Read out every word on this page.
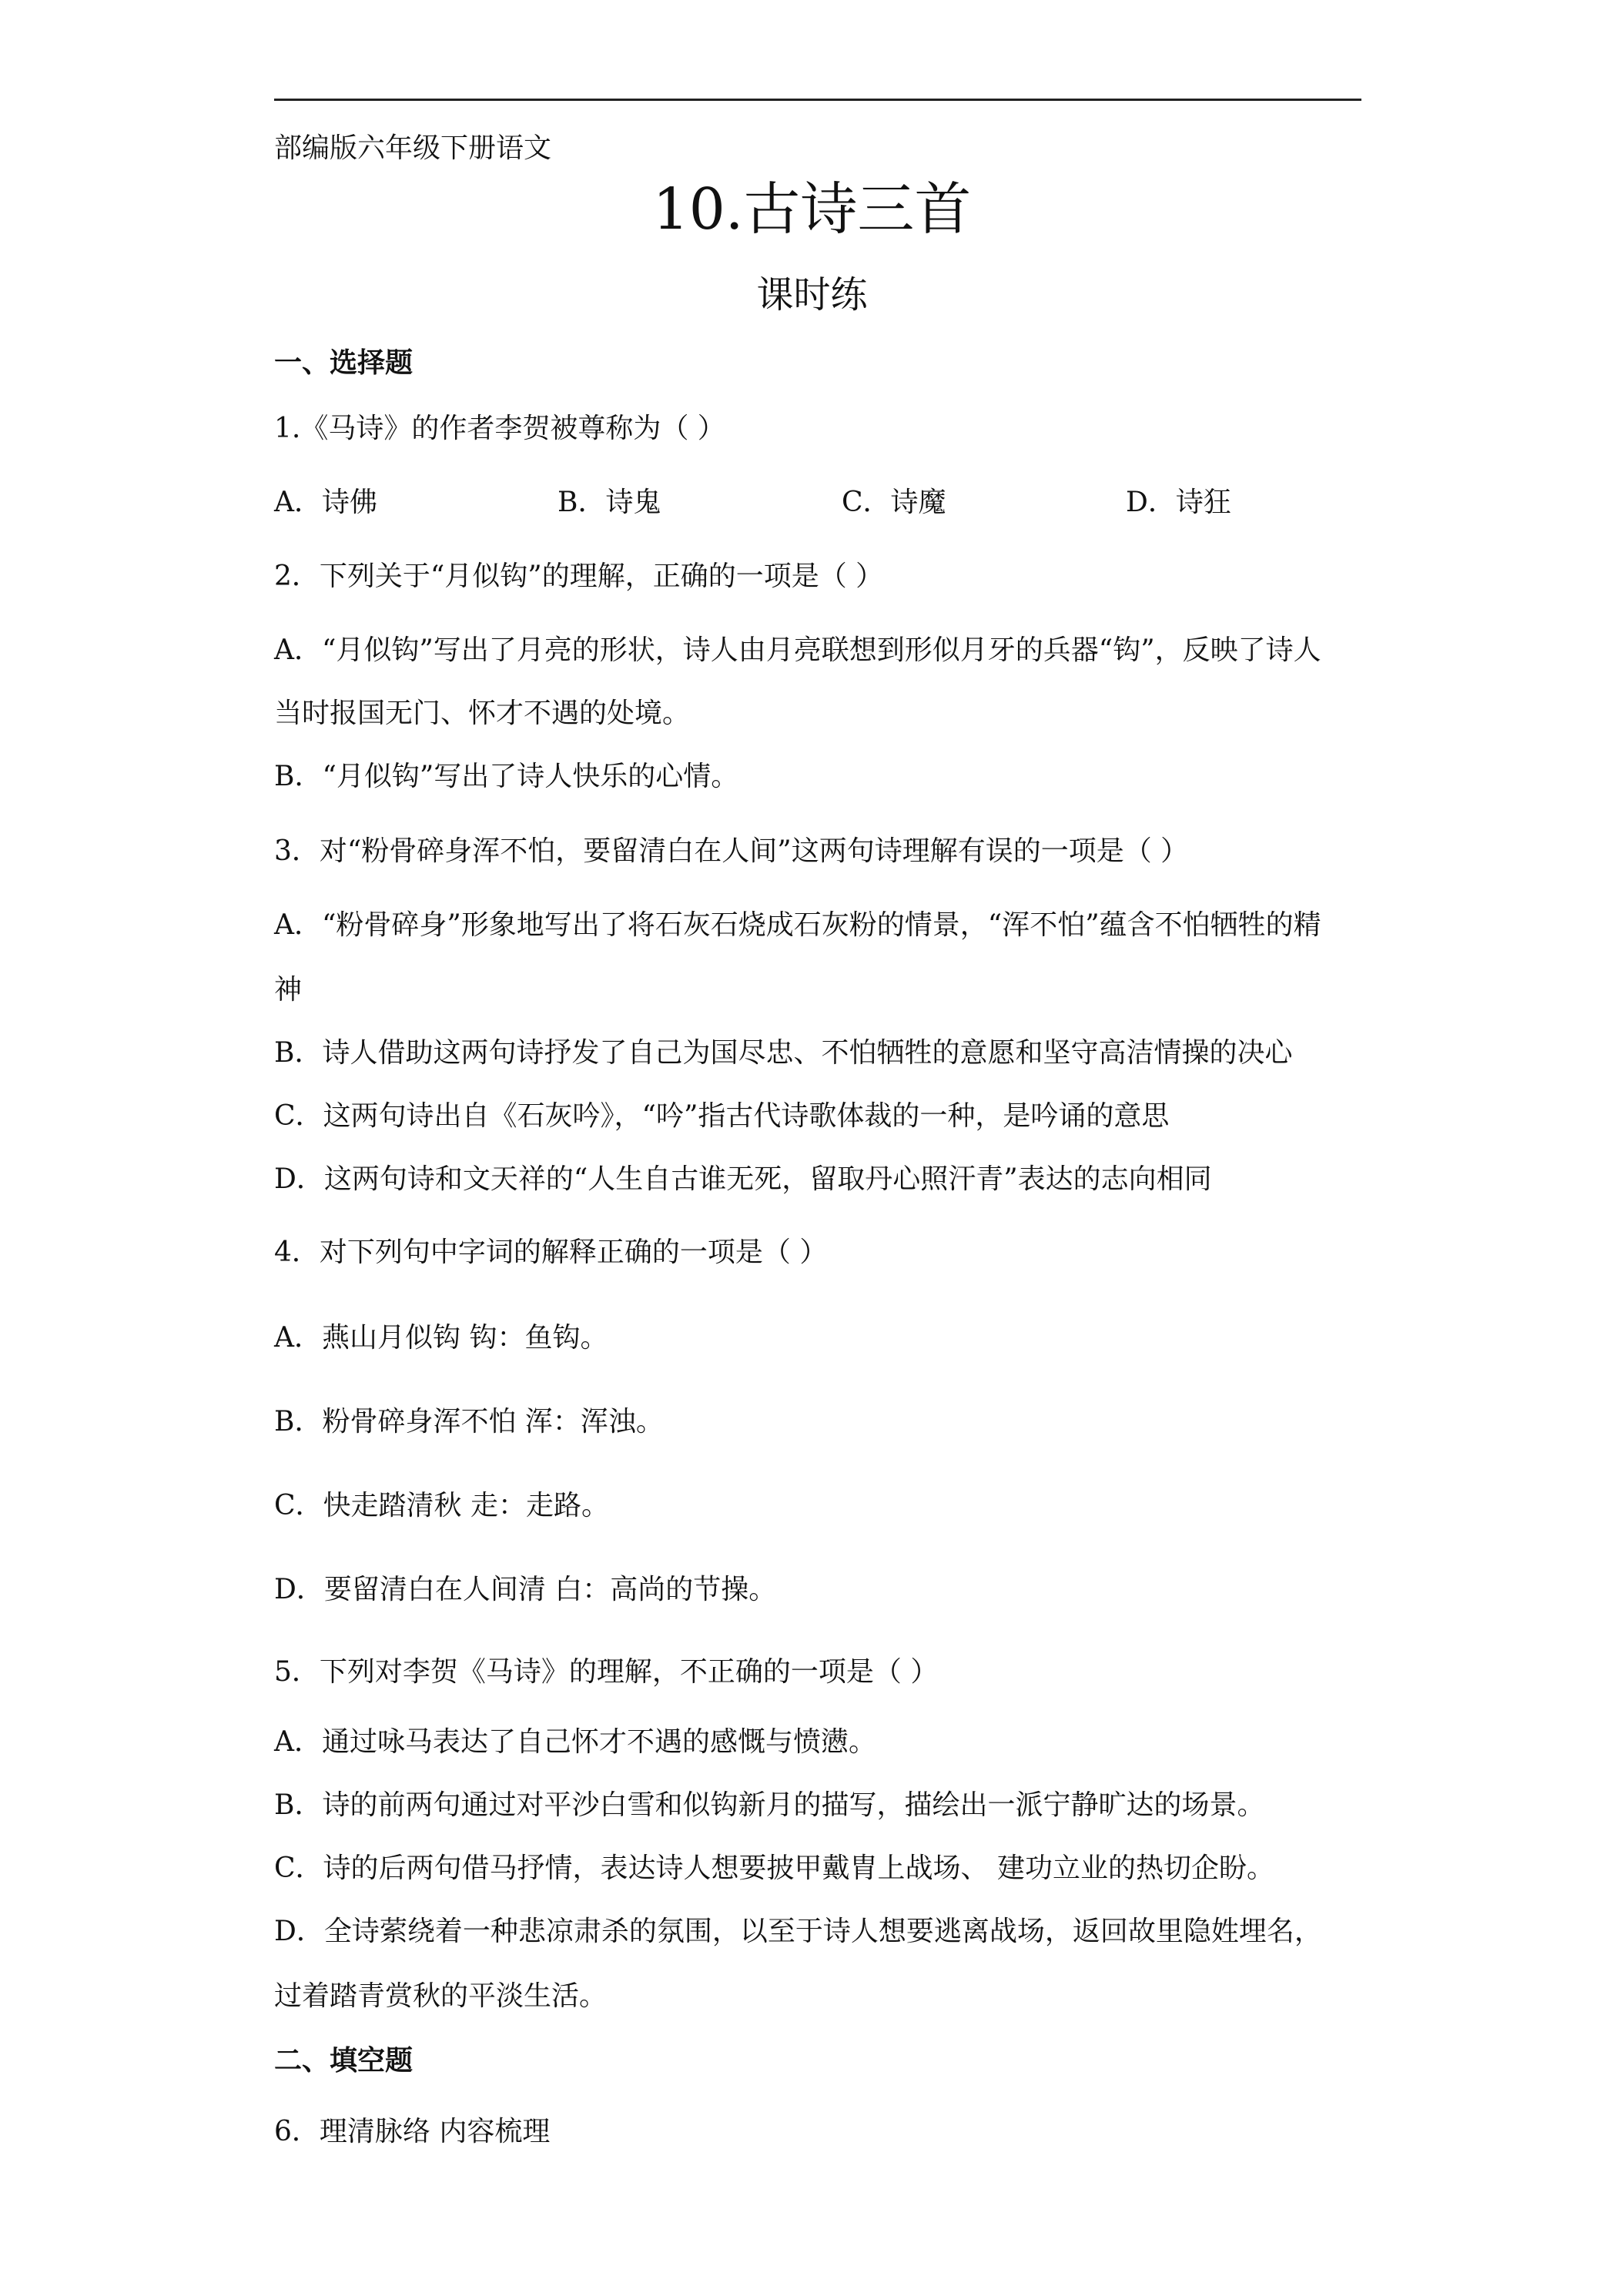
部编版六年级下册语文
10.古诗三首
课时练
一、选择题
1.《马诗》的作者李贺被尊称为（ ）
A．诗佛	B．诗鬼	C．诗魔	D．诗狂
2．下列关于“月似钩”的理解，正确的一项是（ ）
A．“月似钩”写出了月亮的形状，诗人由月亮联想到形似月牙的兵器“钩”，反映了诗人
当时报国无门、怀才不遇的处境。
B．“月似钩”写出了诗人快乐的心情。
3．对“粉骨碎身浑不怕，要留清白在人间”这两句诗理解有误的一项是（ ）
A．“粉骨碎身”形象地写出了将石灰石烧成石灰粉的情景，“浑不怕”蕴含不怕牺牲的精
神
B．诗人借助这两句诗抒发了自己为国尽忠、不怕牺牲的意愿和坚守高洁情操的决心
C．这两句诗出自《石灰吟》，“吟”指古代诗歌体裁的一种，是吟诵的意思
D．这两句诗和文天祥的“人生自古谁无死，留取丹心照汗青”表达的志向相同
4．对下列句中字词的解释正确的一项是（ ）
A．燕山月似钩 钩：鱼钩。
B．粉骨碎身浑不怕 浑：浑浊。
C．快走踏清秋 走：走路。
D．要留清白在人间清 白：高尚的节操。
5．下列对李贺《马诗》的理解，不正确的一项是（ ）
A．通过咏马表达了自己怀才不遇的感慨与愤懑。
B．诗的前两句通过对平沙白雪和似钩新月的描写，描绘出一派宁静旷达的场景。
C．诗的后两句借马抒情，表达诗人想要披甲戴胄上战场、 建功立业的热切企盼。
D．全诗萦绕着一种悲凉肃杀的氛围，以至于诗人想要逃离战场，返回故里隐姓埋名，
过着踏青赏秋的平淡生活。
二、填空题
6．理清脉络 内容梳理
